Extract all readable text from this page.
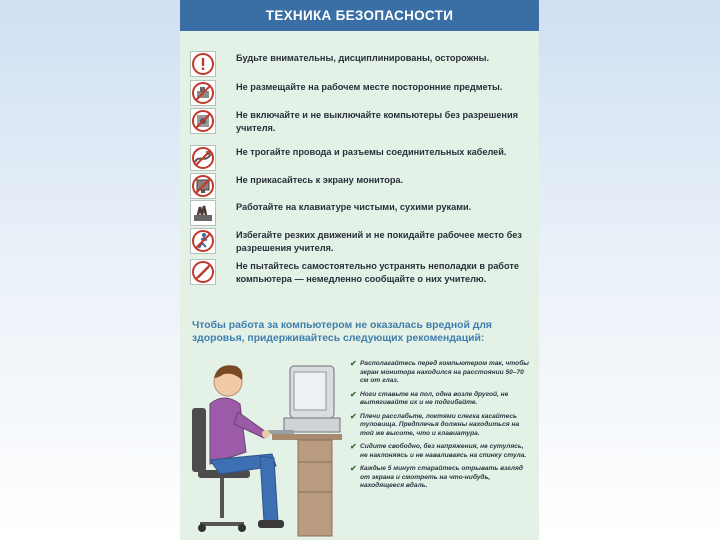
ТЕХНИКА БЕЗОПАСНОСТИ
Будьте внимательны, дисциплинированы, осторожны.
Не размещайте на рабочем месте посторонние предметы.
Не включайте и не выключайте компьютеры без разрешения учителя.
Не трогайте провода и разъемы соединительных кабелей.
Не прикасайтесь к экрану монитора.
Работайте на клавиатуре чистыми, сухими руками.
Избегайте резких движений и не покидайте рабочее место без разрешения учителя.
Не пытайтесь самостоятельно устранять неполадки в работе компьютера — немедленно сообщайте о них учителю.
Чтобы работа за компьютером не оказалась вредной для здоровья, придерживайтесь следующих рекомендаций:
✔ Располагайтесь перед компьютером так, чтобы экран монитора находился на расстоянии 50–70 см от глаз.
✔ Ноги ставьте на пол, одна возле другой, не вытягивайте их и не подгибайте.
✔ Плечи расслабьте, локтями слегка касайтесь туловища. Предплечья должны находиться на той же высоте, что и клавиатура.
✔ Сидите свободно, без напряжения, не сутулясь, не наклоняясь и не наваливаясь на спинку стула.
✔ Каждые 5 минут старайтесь отрывать взгляд от экрана и смотреть на что-нибудь, находящееся вдаль.
